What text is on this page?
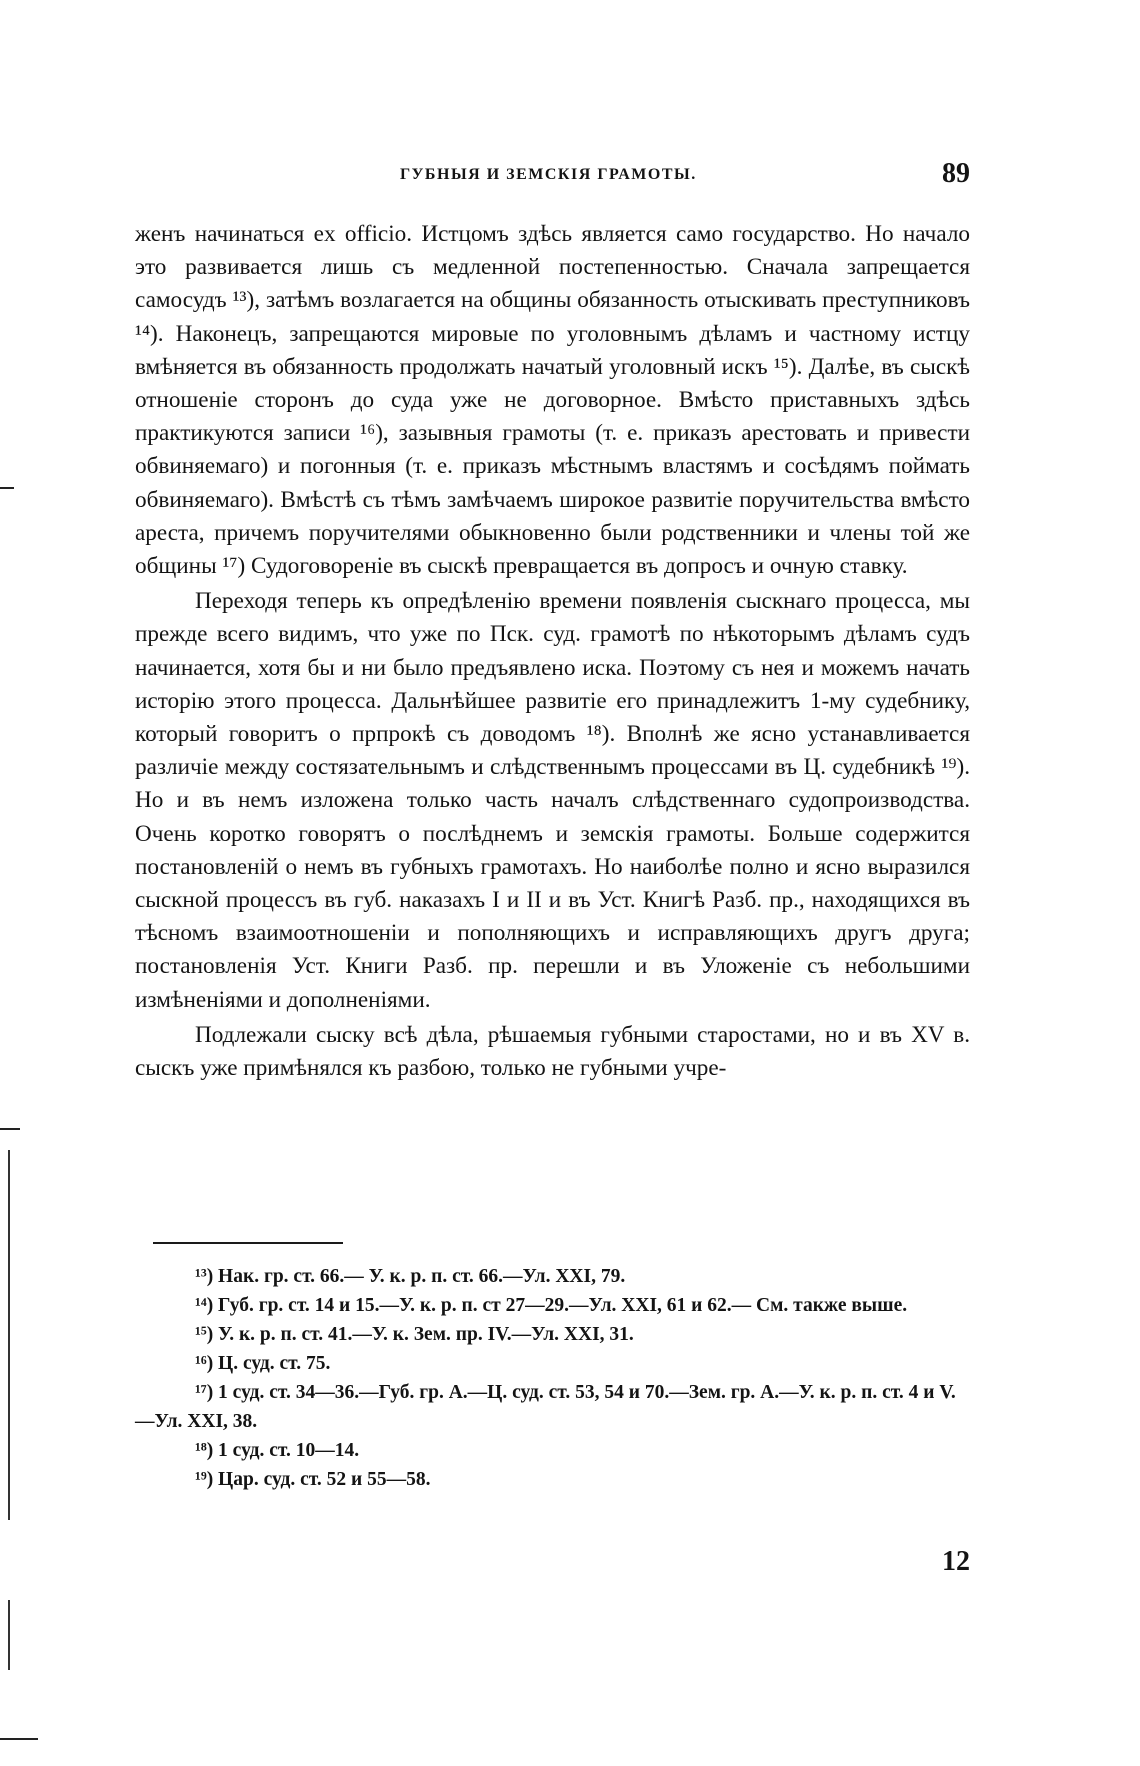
ГУБНЫЯ И ЗЕМСКІЯ ГРАМОТЫ.	89

женъ начинаться ex officio. Истцомъ здѣсь является само государство. Но начало это развивается лишь съ медленной постепенностью. Сначала запрещается самосудъ ¹³), затѣмъ возлагается на общины обязанность отыскивать преступниковъ ¹⁴). Наконецъ, запрещаются мировые по уголовнымъ дѣламъ и частному истцу вмѣняется въ обязанность продолжать начатый уголовный искъ ¹⁵). Далѣе, въ сыскѣ отношеніе сторонъ до суда уже не договорное. Вмѣсто приставныхъ здѣсь практикуются записи ¹⁶), зазывныя грамоты (т. е. приказъ арестовать и привести обвиняемаго) и погонныя (т. е. приказъ мѣстнымъ властямъ и сосѣдямъ поймать обвиняемаго). Вмѣстѣ съ тѣмъ замѣчаемъ широкое развитіе поручительства вмѣсто ареста, причемъ поручителями обыкновенно были родственники и члены той же общины ¹⁷) Судоговореніе въ сыскѣ превращается въ допросъ и очную ставку.

Переходя теперь къ опредѣленію времени появленія сыскнаго процесса, мы прежде всего видимъ, что уже по Пск. суд. грамотѣ по нѣкоторымъ дѣламъ судъ начинается, хотя бы и ни было предъявлено иска. Поэтому съ нея и можемъ начать исторію этого процесса. Дальнѣйшее развитіе его принадлежитъ 1-му судебнику, который говоритъ о прпрокѣ съ доводомъ ¹⁸). Вполнѣ же ясно устанавливается различіе между состязательнымъ и слѣдственнымъ процессами въ Ц. судебникѣ ¹⁹). Но и въ немъ изложена только часть началъ слѣдственнаго судопроизводства. Очень коротко говорятъ о послѣднемъ и земскія грамоты. Больше содержится постановленій о немъ въ губныхъ грамотахъ. Но наиболѣе полно и ясно выразился сыскной процессъ въ губ. наказахъ I и II и въ Уст. Книгѣ Разб. пр., находящихся въ тѣсномъ взаимоотношеніи и пополняющихъ и исправляющихъ другъ друга; постановленія Уст. Книги Разб. пр. перешли и въ Уложеніе съ небольшими измѣненіями и дополненіями.

Подлежали сыску всѣ дѣла, рѣшаемыя губными старостами, но и въ XV в. сыскъ уже примѣнялся къ разбою, только не губными учре-

¹³) Нак. гр. ст. 66.— У. к. р. п. ст. 66.—Ул. XXI, 79.

¹⁴) Губ. гр. ст. 14 и 15.—У. к. р. п. ст 27—29.—Ул. XXI, 61 и 62.— См. также выше.

¹⁵) У. к. р. п. ст. 41.—У. к. Зем. пр. IV.—Ул. XXI, 31.

¹⁶) Ц. суд. ст. 75.

¹⁷) 1 суд. ст. 34—36.—Губ. гр. А.—Ц. суд. ст. 53, 54 и 70.—Зем. гр. А.—У. к. р. п. ст. 4 и V.—Ул. XXI, 38.

¹⁸) 1 суд. ст. 10—14.

¹⁹) Цар. суд. ст. 52 и 55—58.

12
